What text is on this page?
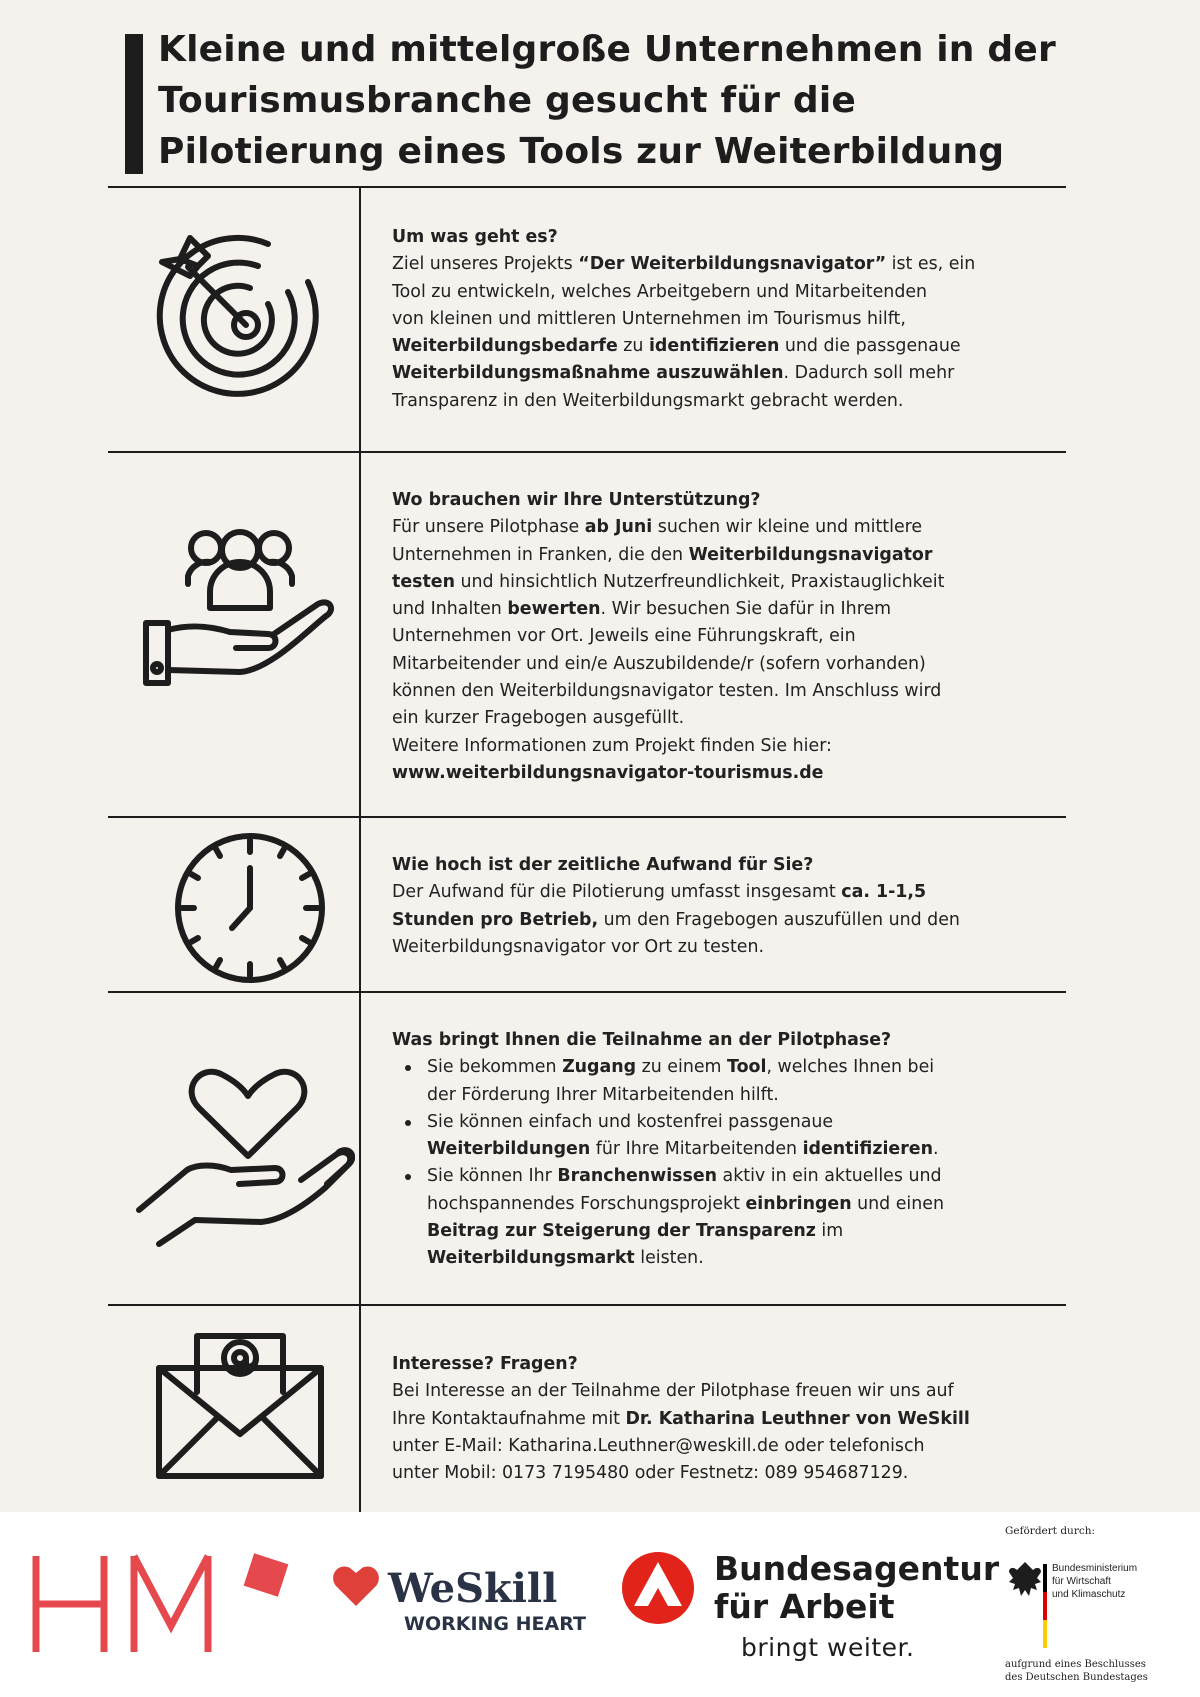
Kleine und mittelgroße Unternehmen in der
Tourismusbranche gesucht für die
Pilotierung eines Tools zur Weiterbildung
Um was geht es?
Ziel unseres Projekts “Der Weiterbildungsnavigator” ist es, ein
Tool zu entwickeln, welches Arbeitgebern und Mitarbeitenden
von kleinen und mittleren Unternehmen im Tourismus hilft,
Weiterbildungsbedarfe zu identifizieren und die passgenaue
Weiterbildungsmaßnahme auszuwählen. Dadurch soll mehr
Transparenz in den Weiterbildungsmarkt gebracht werden.
Wo brauchen wir Ihre Unterstützung?
Für unsere Pilotphase ab Juni suchen wir kleine und mittlere
Unternehmen in Franken, die den Weiterbildungsnavigator
testen und hinsichtlich Nutzerfreundlichkeit, Praxistauglichkeit
und Inhalten bewerten. Wir besuchen Sie dafür in Ihrem
Unternehmen vor Ort. Jeweils eine Führungskraft, ein
Mitarbeitender und ein/e Auszubildende/r (sofern vorhanden)
können den Weiterbildungsnavigator testen. Im Anschluss wird
ein kurzer Fragebogen ausgefüllt.
Weitere Informationen zum Projekt finden Sie hier:
www.weiterbildungsnavigator-tourismus.de
Wie hoch ist der zeitliche Aufwand für Sie?
Der Aufwand für die Pilotierung umfasst insgesamt ca. 1-1,5
Stunden pro Betrieb, um den Fragebogen auszufüllen und den
Weiterbildungsnavigator vor Ort zu testen.
Was bringt Ihnen die Teilnahme an der Pilotphase?
Sie bekommen Zugang zu einem Tool, welches Ihnen bei
der Förderung Ihrer Mitarbeitenden hilft.
Sie können einfach und kostenfrei passgenaue
Weiterbildungen für Ihre Mitarbeitenden identifizieren.
Sie können Ihr Branchenwissen aktiv in ein aktuelles und
hochspannendes Forschungsprojekt einbringen und einen
Beitrag zur Steigerung der Transparenz im
Weiterbildungsmarkt leisten.
Interesse? Fragen?
Bei Interesse an der Teilnahme der Pilotphase freuen wir uns auf
Ihre Kontaktaufnahme mit Dr. Katharina Leuthner von WeSkill
unter E-Mail: Katharina.Leuthner@weskill.de oder telefonisch
unter Mobil: 0173 7195480 oder Festnetz: 089 954687129.
WeSkill
WORKING HEART
Bundesagentur
für Arbeit
bringt weiter.
Gefördert durch:
Bundesministerium
für Wirtschaft
und Klimaschutz
aufgrund eines Beschlusses
des Deutschen Bundestages
